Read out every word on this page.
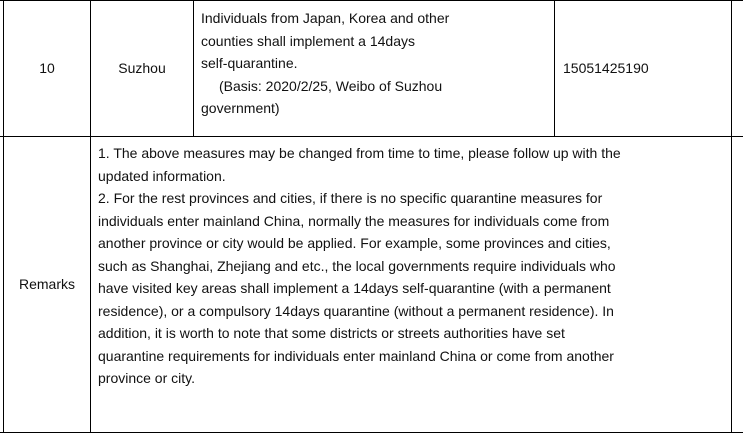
10	Suzhou
Individuals from Japan, Korea and other
counties shall implement a 14days
self-quarantine.
(Basis: 2020/2/25, Weibo of Suzhou
government)
15051425190
Remarks
1. The above measures may be changed from time to time, please follow up with the
updated information.
2. For the rest provinces and cities, if there is no specific quarantine measures for
individuals enter mainland China, normally the measures for individuals come from
another province or city would be applied. For example, some provinces and cities,
such as Shanghai, Zhejiang and etc., the local governments require individuals who
have visited key areas shall implement a 14days self-quarantine (with a permanent
residence), or a compulsory 14days quarantine (without a permanent residence). In
addition, it is worth to note that some districts or streets authorities have set
quarantine requirements for individuals enter mainland China or come from another
province or city.
